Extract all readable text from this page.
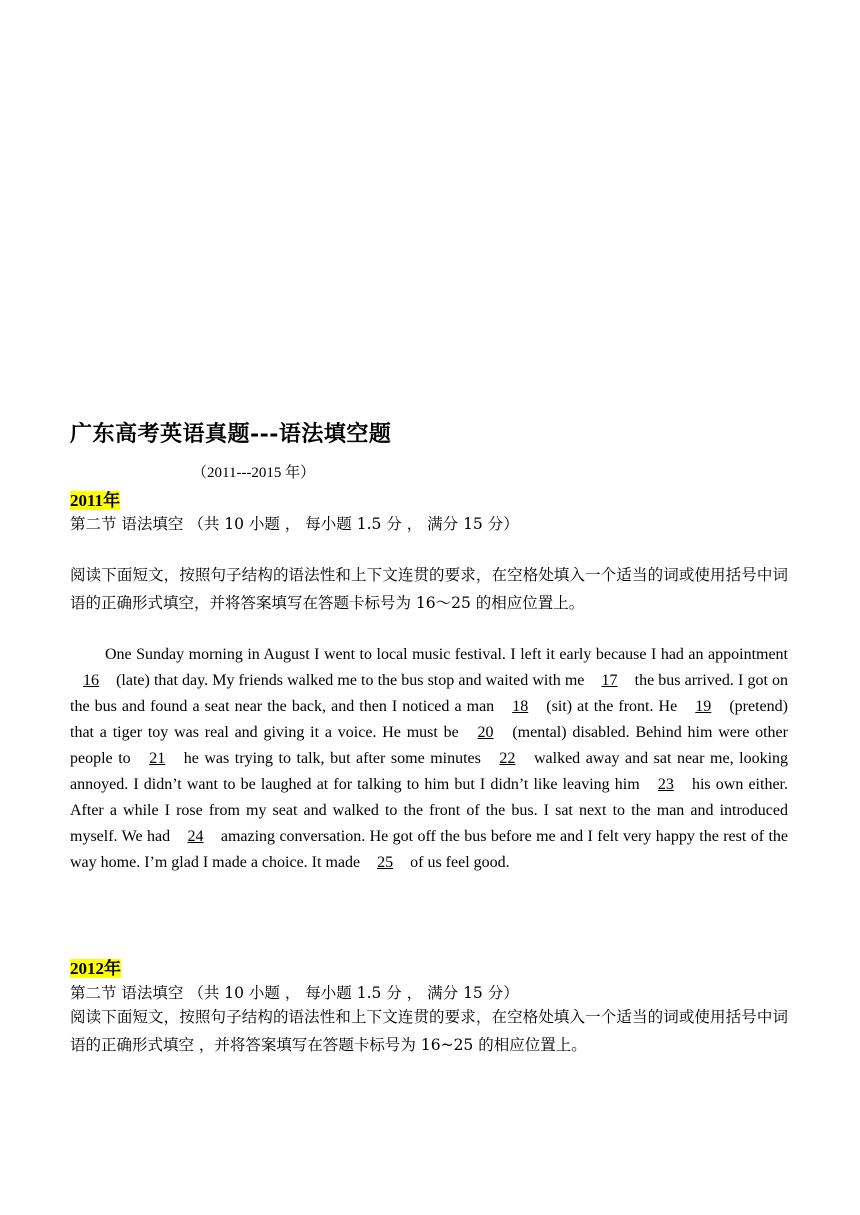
广东高考英语真题---语法填空题
（2011---2015 年）
2011年
第二节 语法填空 （共 10 小题 ， 每小题 1.5 分 ， 满分 15 分）
阅读下面短文，按照句子结构的语法性和上下文连贯的要求，在空格处填入一个适当的词或使用括号中词语的正确形式填空，并将答案填写在答题卡标号为 16～25 的相应位置上。
One Sunday morning in August I went to local music festival. I left it early because I had an appointment 16 (late) that day. My friends walked me to the bus stop and waited with me 17 the bus arrived. I got on the bus and found a seat near the back, and then I noticed a man 18 (sit) at the front. He 19 (pretend) that a tiger toy was real and giving it a voice. He must be 20 (mental) disabled. Behind him were other people to 21 he was trying to talk, but after some minutes 22 walked away and sat near me, looking annoyed. I didn’t want to be laughed at for talking to him but I didn’t like leaving him 23 his own either. After a while I rose from my seat and walked to the front of the bus. I sat next to the man and introduced myself. We had 24 amazing conversation. He got off the bus before me and I felt very happy the rest of the way home. I’m glad I made a choice. It made 25 of us feel good.
2012年
第二节 语法填空 （共 10 小题 ， 每小题 1.5 分 ， 满分 15 分）
阅读下面短文，按照句子结构的语法性和上下文连贯的要求，在空格处填入一个适当的词或使用括号中词语的正确形式填空 ，并将答案填写在答题卡标号为 16~25 的相应位置上。
